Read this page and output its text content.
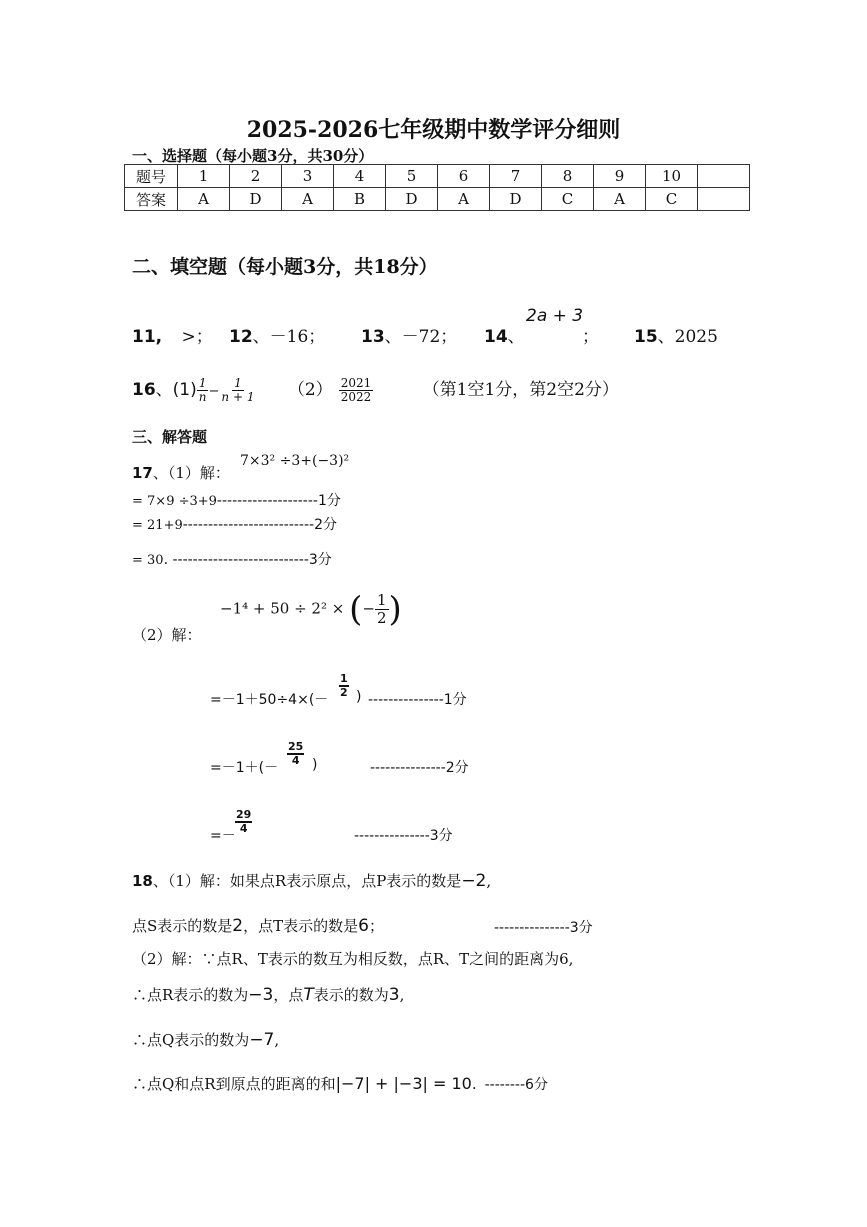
2025-2026七年级期中数学评分细则
一、选择题（每小题3分，共30分）
题号	1	2	3	4	5	6	7	8	9	10	
答案	A	D	A	B	D	A	D	C	A	C	
二、填空题（每小题3分，共18分）
11, >； 12、－16； 13、－72； 14、
2a + 3
； 15、2025
16、$(1) \frac{1}{n} - \frac{1}{n + 1} (2) \frac{2021}{2022}$	（第1空1分，第2空2分）
三、解答题
17、（1）解：
7×3² ÷3+(−3)²
= 7×9 ÷3+9--------------------1分
= 21+9--------------------------2分
= 30. ---------------------------3分
（2）解：
−1⁴ + 50 ÷ 2² × (− $\frac{1}{2}$ )
=－1＋50÷4×(－
$\frac{1}{2}$ ) ---------------1分
=－1＋(－
$\frac{25}{4}$ )	---------------2分
=－
$\frac{29}{4}$
---------------3分
18、（1）解：如果点R表示原点，点P表示的数是−2,
点S表示的数是2，点T表示的数是6；	---------------3分
（2）解：∵点R、T表示的数互为相反数，点R、T之间的距离为6,
∴点R表示的数为−3，点T表示的数为3,
∴点Q表示的数为−7,
∴点Q和点R到原点的距离的和|−7| + |−3| = 10. --------6分
